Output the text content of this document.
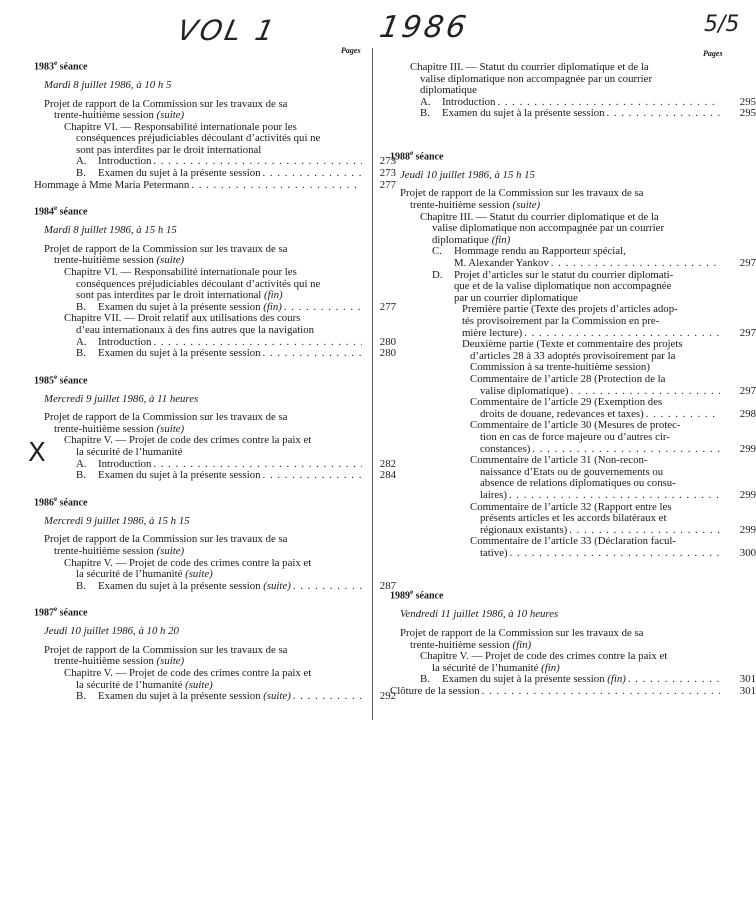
VOL 1	1986	5/5
X
Pages	Pages
1983e séance
Mardi 8 juillet 1986, à 10 h 5
Projet de rapport de la Commission sur les travaux de sa
trente-huitième session (suite)
Chapitre VI. — Responsabilité internationale pour les
conséquences préjudiciables découlant d’activités qui ne
sont pas interdites par le droit international
A. Introduction . . .	273
B. Examen du sujet à la présente session . . .	273
Hommage à Mme Maria Petermann . . .	277
1984e séance
Mardi 8 juillet 1986, à 15 h 15
Projet de rapport de la Commission sur les travaux de sa
trente-huitième session (suite)
Chapitre VI. — Responsabilité internationale pour les
conséquences préjudiciables découlant d’activités qui ne
sont pas interdites par le droit international (fin)
B. Examen du sujet à la présente session (fin) . . .	277
Chapitre VII. — Droit relatif aux utilisations des cours
d’eau internationaux à des fins autres que la navigation
A. Introduction . . .	280
B. Examen du sujet à la présente session . . .	280
1985e séance
Mercredi 9 juillet 1986, à 11 heures
Projet de rapport de la Commission sur les travaux de sa
trente-huitième session (suite)
Chapitre V. — Projet de code des crimes contre la paix et
la sécurité de l’humanité
A. Introduction . . .	282
B. Examen du sujet à la présente session . . .	284
1986e séance
Mercredi 9 juillet 1986, à 15 h 15
Projet de rapport de la Commission sur les travaux de sa
trente-huitième session (suite)
Chapitre V. — Projet de code des crimes contre la paix et
la sécurité de l’humanité (suite)
B. Examen du sujet à la présente session (suite) . . .	287
1987e séance
Jeudi 10 juillet 1986, à 10 h 20
Projet de rapport de la Commission sur les travaux de sa
trente-huitième session (suite)
Chapitre V. — Projet de code des crimes contre la paix et
la sécurité de l’humanité (suite)
B. Examen du sujet à la présente session (suite) . . .	292
Chapitre III. — Statut du courrier diplomatique et de la
valise diplomatique non accompagnée par un courrier
diplomatique
A. Introduction . . .	295
B. Examen du sujet à la présente session . . .	295
1988e séance
Jeudi 10 juillet 1986, à 15 h 15
Projet de rapport de la Commission sur les travaux de sa
trente-huitième session (suite)
Chapitre III. — Statut du courrier diplomatique et de la
valise diplomatique non accompagnée par un courrier
diplomatique (fin)
C. Hommage rendu au Rapporteur spécial,
M. Alexander Yankov . . .	297
D. Projet d’articles sur le statut du courrier diplomati-
que et de la valise diplomatique non accompagnée
par un courrier diplomatique
Première partie (Texte des projets d’articles adop-
tés provisoirement par la Commission en pre-
mière lecture) . . .	297
Deuxième partie (Texte et commentaire des projets
d’articles 28 à 33 adoptés provisoirement par la
Commission à sa trente-huitième session)
Commentaire de l’article 28 (Protection de la
valise diplomatique) . . .	297
Commentaire de l’article 29 (Exemption des
droits de douane, redevances et taxes) . . .	298
Commentaire de l’article 30 (Mesures de protec-
tion en cas de force majeure ou d’autres cir-
constances) . . .	299
Commentaire de l’article 31 (Non-recon-
naissance d’Etats ou de gouvernements ou
absence de relations diplomatiques ou consu-
laires) . . .	299
Commentaire de l’article 32 (Rapport entre les
présents articles et les accords bilatéraux et
régionaux existants) . . .	299
Commentaire de l’article 33 (Déclaration facul-
tative) . . .	300
1989e séance
Vendredi 11 juillet 1986, à 10 heures
Projet de rapport de la Commission sur les travaux de sa
trente-huitième session (fin)
Chapitre V. — Projet de code des crimes contre la paix et
la sécurité de l’humanité (fin)
B. Examen du sujet à la présente session (fin) . . .	301
Clôture de la session . . .	301
